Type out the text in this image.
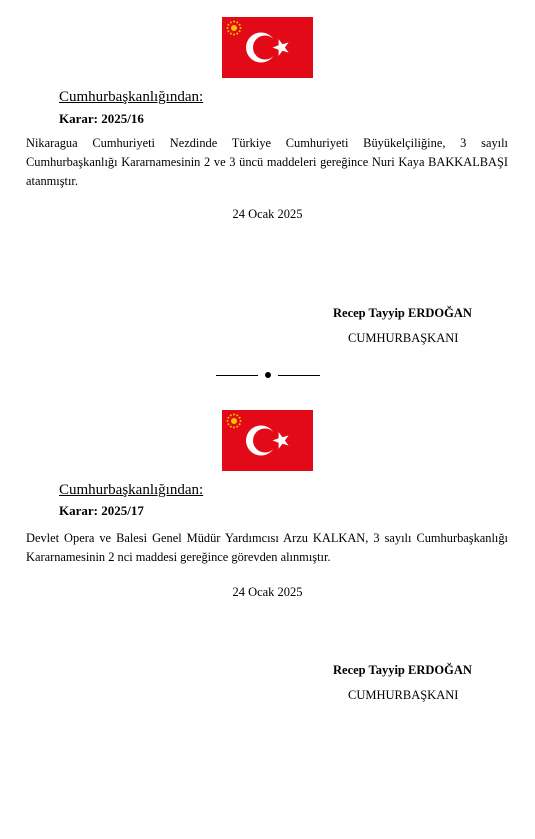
Cumhurbaşkanlığından:
Karar: 2025/16
Nikaragua Cumhuriyeti Nezdinde Türkiye Cumhuriyeti Büyükelçiliğine, 3 sayılı Cumhurbaşkanlığı Kararnamesinin 2 ve 3 üncü maddeleri gereğince Nuri Kaya BAKKALBAŞI atanmıştır.
24 Ocak 2025
Recep Tayyip ERDOĞAN
CUMHURBAŞKANI
Cumhurbaşkanlığından:
Karar: 2025/17
Devlet Opera ve Balesi Genel Müdür Yardımcısı Arzu KALKAN, 3 sayılı Cumhurbaşkanlığı Kararnamesinin 2 nci maddesi gereğince görevden alınmıştır.
24 Ocak 2025
Recep Tayyip ERDOĞAN
CUMHURBAŞKANI
